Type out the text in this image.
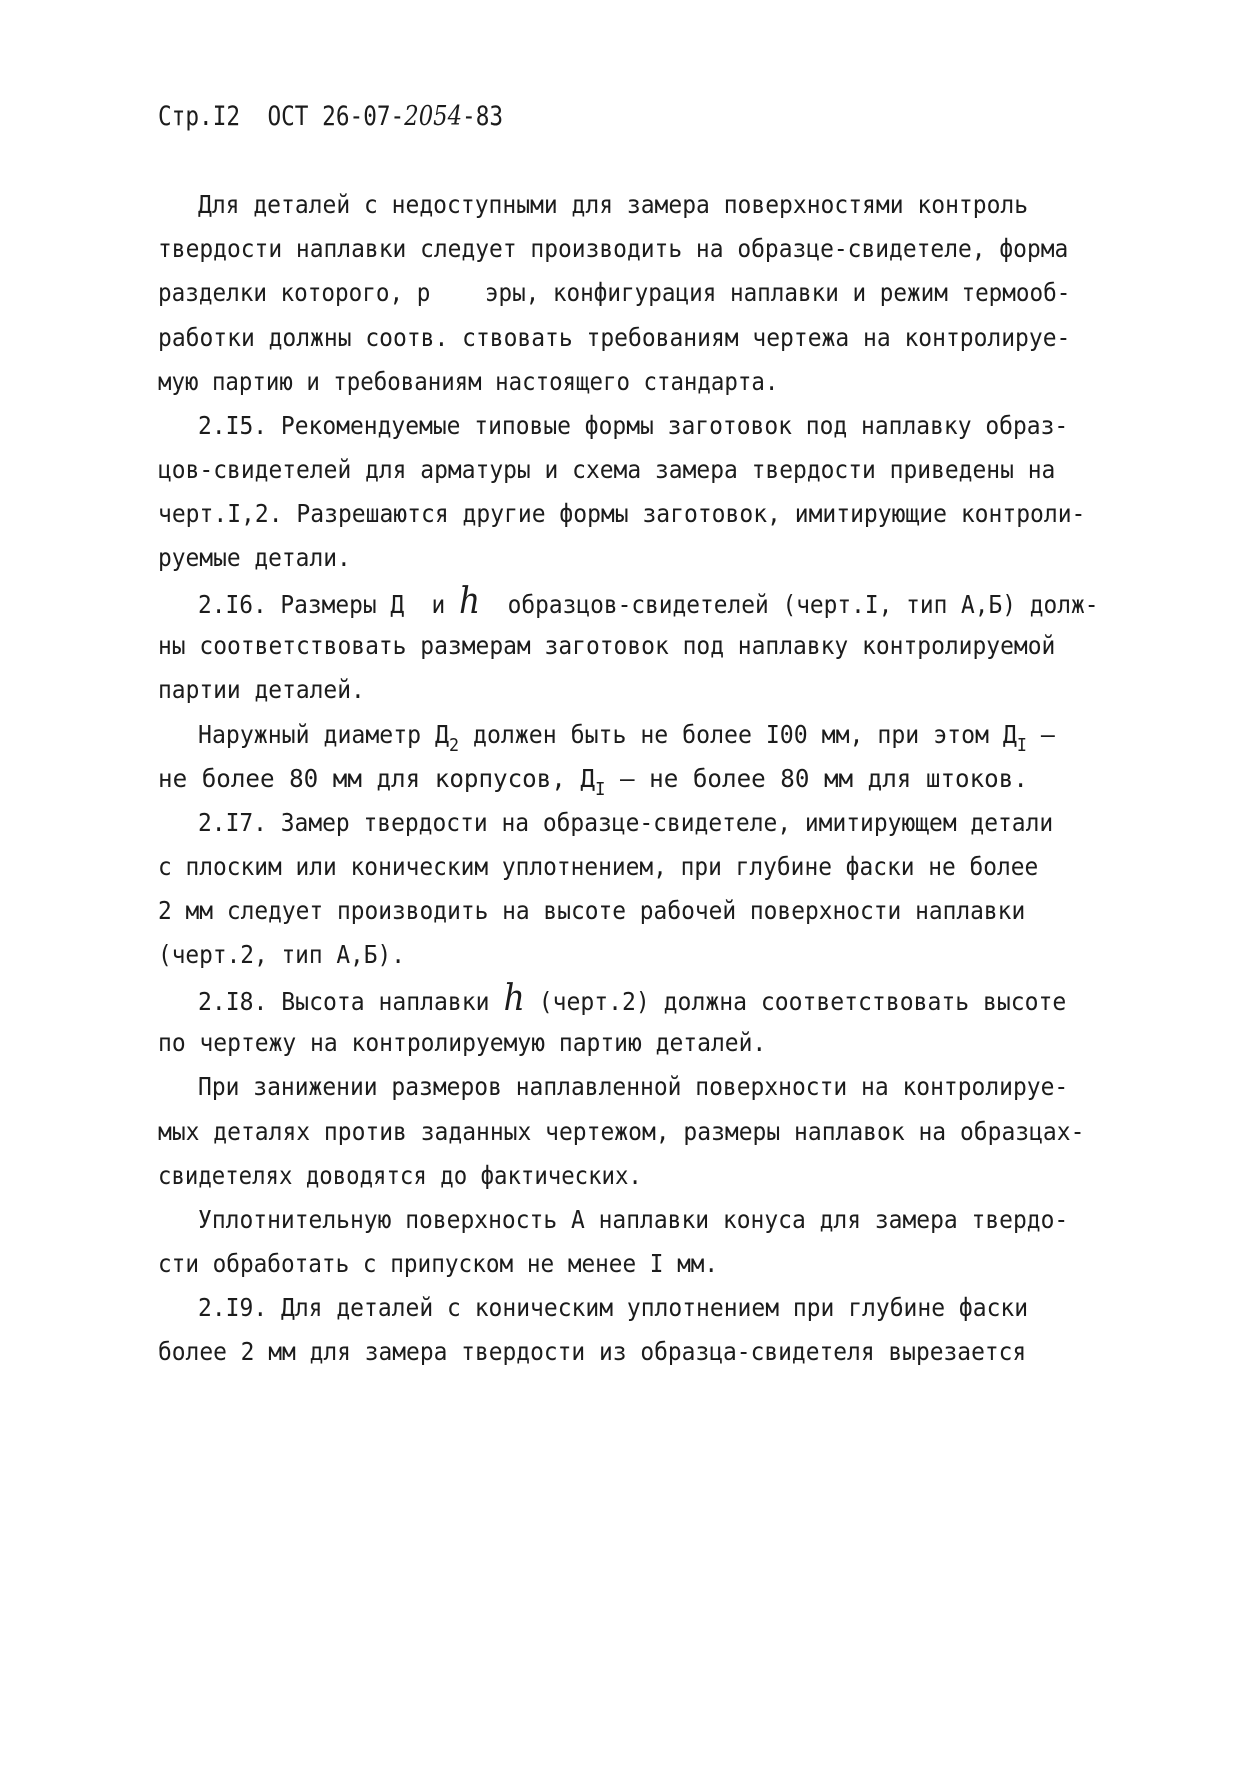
Стр.I2 ОСТ 26-07-2054-83
Для деталей с недоступными для замера поверхностями контроль
твердости наплавки следует производить на образце-свидетеле, форма
разделки которого, р    эры, конфигурация наплавки и режим термооб-
работки должны соотв. ствовать требованиям чертежа на контролируе-
мую партию и требованиям настоящего стандарта.
2.I5. Рекомендуемые типовые формы заготовок под наплавку образ-
цов-свидетелей для арматуры и схема замера твердости приведены на
черт.I,2. Разрешаются другие формы заготовок, имитирующие контроли-
руемые детали.
2.I6. Размеры Д  и h  образцов-свидетелей (черт.I, тип А,Б) долж-
ны соответствовать размерам заготовок под наплавку контролируемой
партии деталей.
Наружный диаметр $Д_2$ должен быть не более I00 мм, при этом $Д_I$ –
не более 80 мм для корпусов, $Д_I$ – не более 80 мм для штоков.
2.I7. Замер твердости на образце-свидетеле, имитирующем детали
с плоским или коническим уплотнением, при глубине фаски не более
2 мм следует производить на высоте рабочей поверхности наплавки
(черт.2, тип А,Б).
2.I8. Высота наплавки h (черт.2) должна соответствовать высоте
по чертежу на контролируемую партию деталей.
При занижении размеров наплавленной поверхности на контролируе-
мых деталях против заданных чертежом, размеры наплавок на образцах-
свидетелях доводятся до фактических.
Уплотнительную поверхность А наплавки конуса для замера твердо-
сти обработать с припуском не менее I мм.
2.I9. Для деталей с коническим уплотнением при глубине фаски
более 2 мм для замера твердости из образца-свидетеля вырезается
